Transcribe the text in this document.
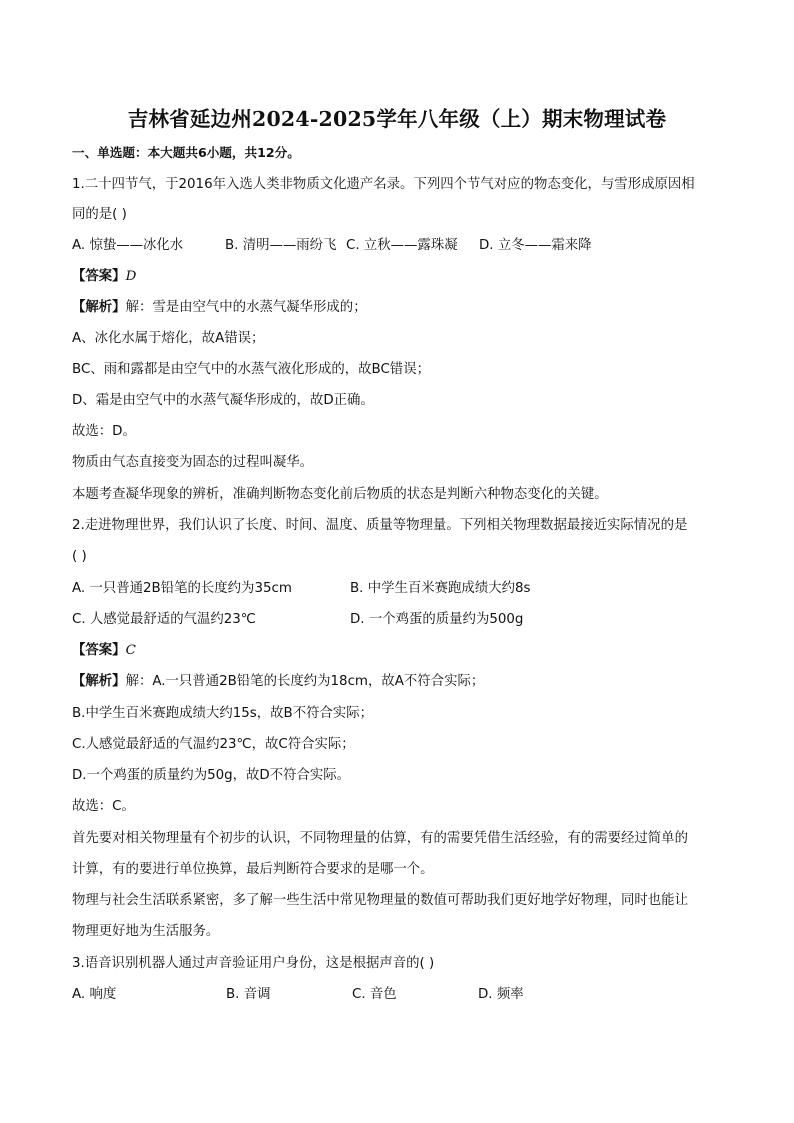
吉林省延边州2024-2025学年八年级（上）期末物理试卷
一、单选题：本大题共6小题，共12分。
1.二十四节气，于2016年入选人类非物质文化遗产名录。下列四个节气对应的物态变化，与雪形成原因相
同的是( )
A. 惊蛰——冰化水	B. 清明——雨纷飞 C. 立秋——露珠凝 D. 立冬——霜来降
【答案】D
【解析】解：雪是由空气中的水蒸气凝华形成的；
A、冰化水属于熔化，故A错误；
BC、雨和露都是由空气中的水蒸气液化形成的，故BC错误；
D、霜是由空气中的水蒸气凝华形成的，故D正确。
故选：D。
物质由气态直接变为固态的过程叫凝华。
本题考查凝华现象的辨析，准确判断物态变化前后物质的状态是判断六种物态变化的关键。
2.走进物理世界，我们认识了长度、时间、温度、质量等物理量。下列相关物理数据最接近实际情况的是
( )
A. 一只普通2B铅笔的长度约为35cm	B. 中学生百米赛跑成绩大约8s
C. 人感觉最舒适的气温约23℃	D. 一个鸡蛋的质量约为500g
【答案】C
【解析】解：A.一只普通2B铅笔的长度约为18cm，故A不符合实际；
B.中学生百米赛跑成绩大约15s，故B不符合实际；
C.人感觉最舒适的气温约23℃，故C符合实际；
D.一个鸡蛋的质量约为50g，故D不符合实际。
故选：C。
首先要对相关物理量有个初步的认识，不同物理量的估算，有的需要凭借生活经验，有的需要经过简单的
计算，有的要进行单位换算，最后判断符合要求的是哪一个。
物理与社会生活联系紧密，多了解一些生活中常见物理量的数值可帮助我们更好地学好物理，同时也能让
物理更好地为生活服务。
3.语音识别机器人通过声音验证用户身份，这是根据声音的( )
A. 响度	B. 音调	C. 音色	D. 频率
